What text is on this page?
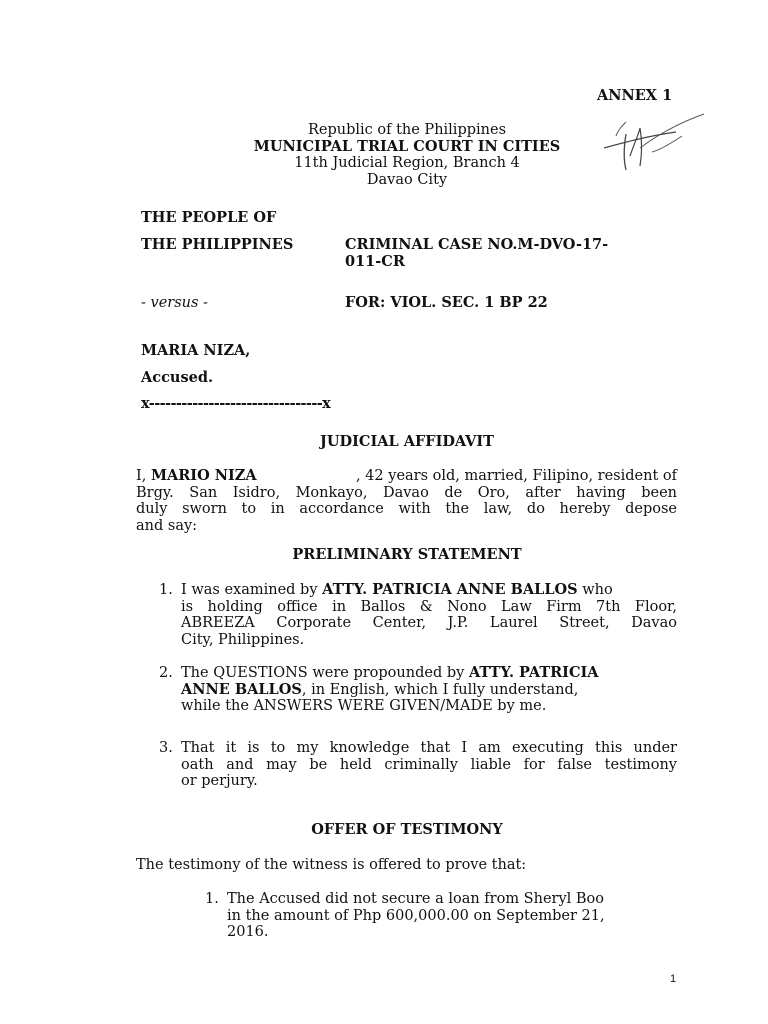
ANNEX 1

Republic of the Philippines

MUNICIPAL TRIAL COURT IN CITIES

11th Judicial Region, Branch 4

Davao City

THE PEOPLE OF

THE PHILIPPINES	CRIMINAL CASE NO.M-DVO-17-

011-CR

- versus -	FOR: VIOL. SEC. 1 BP 22

MARIA NIZA,

Accused.

x--------------------------------x

JUDICIAL AFFIDAVIT

I, MARIO NIZA	, 42 years old, married, Filipino, resident of
Brgy. San Isidro, Monkayo, Davao de Oro, after having been
duly sworn to in accordance with the law, do hereby depose
and say:

PRELIMINARY STATEMENT

1. I was examined by ATTY. PATRICIA ANNE BALLOS who
is holding office in Ballos & Nono Law Firm 7th Floor,
ABREEZA Corporate Center, J.P. Laurel Street, Davao
City, Philippines.
2. The QUESTIONS were propounded by ATTY. PATRICIA
ANNE BALLOS, in English, which I fully understand,
while the ANSWERS WERE GIVEN/MADE by me.
3. That it is to my knowledge that I am executing this under
oath and may be held criminally liable for false testimony
or perjury.

OFFER OF TESTIMONY

The testimony of the witness is offered to prove that:

1. The Accused did not secure a loan from Sheryl Boo
in the amount of Php 600,000.00 on September 21,
2016.

1
